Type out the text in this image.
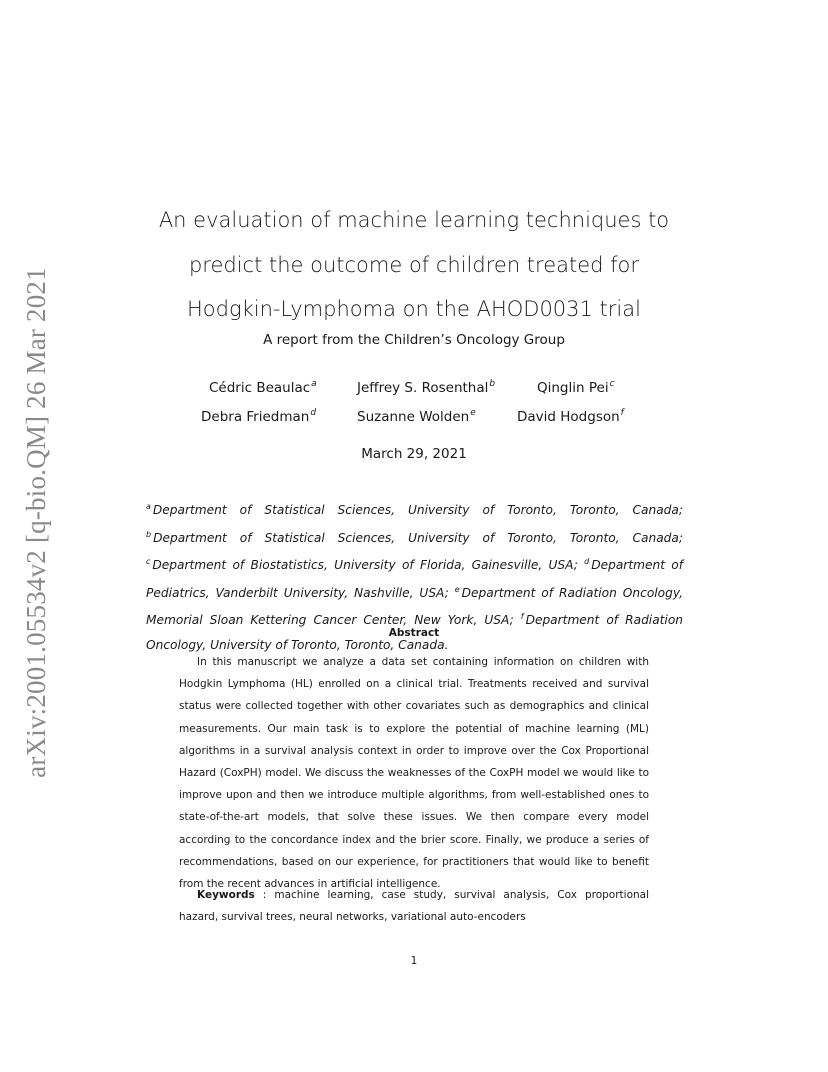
arXiv:2001.05534v2 [q-bio.QM] 26 Mar 2021
An evaluation of machine learning techniques to
predict the outcome of children treated for
Hodgkin-Lymphoma on the AHOD0031 trial
A report from the Children’s Oncology Group
Cédric Beaulac$^a$	Jeffrey S. Rosenthal$^b$	Qinglin Pei$^c$
Debra Friedman$^d$	Suzanne Wolden$^e$	David Hodgson$^f$
March 29, 2021
$^a$ Department of Statistical Sciences, University of Toronto, Toronto, Canada; $^b$ Department of Statistical Sciences, University of Toronto, Toronto, Canada; $^c$ Department of Biostatistics, University of Florida, Gainesville, USA; $^d$ Department of Pediatrics, Vanderbilt University, Nashville, USA; $^e$ Department of Radiation Oncology, Memorial Sloan Kettering Cancer Center, New York, USA; $^f$ Department of Radiation Oncology, University of Toronto, Toronto, Canada.
Abstract
In this manuscript we analyze a data set containing information on children with Hodgkin Lymphoma (HL) enrolled on a clinical trial. Treatments received and survival status were collected together with other covariates such as demographics and clinical measurements. Our main task is to explore the potential of machine learning (ML) algorithms in a survival analysis context in order to improve over the Cox Proportional Hazard (CoxPH) model. We discuss the weaknesses of the CoxPH model we would like to improve upon and then we introduce multiple algorithms, from well-established ones to state-of-the-art models, that solve these issues. We then compare every model according to the concordance index and the brier score. Finally, we produce a series of recommendations, based on our experience, for practitioners that would like to benefit from the recent advances in artificial intelligence.
Keywords : machine learning, case study, survival analysis, Cox proportional hazard, survival trees, neural networks, variational auto-encoders
1
